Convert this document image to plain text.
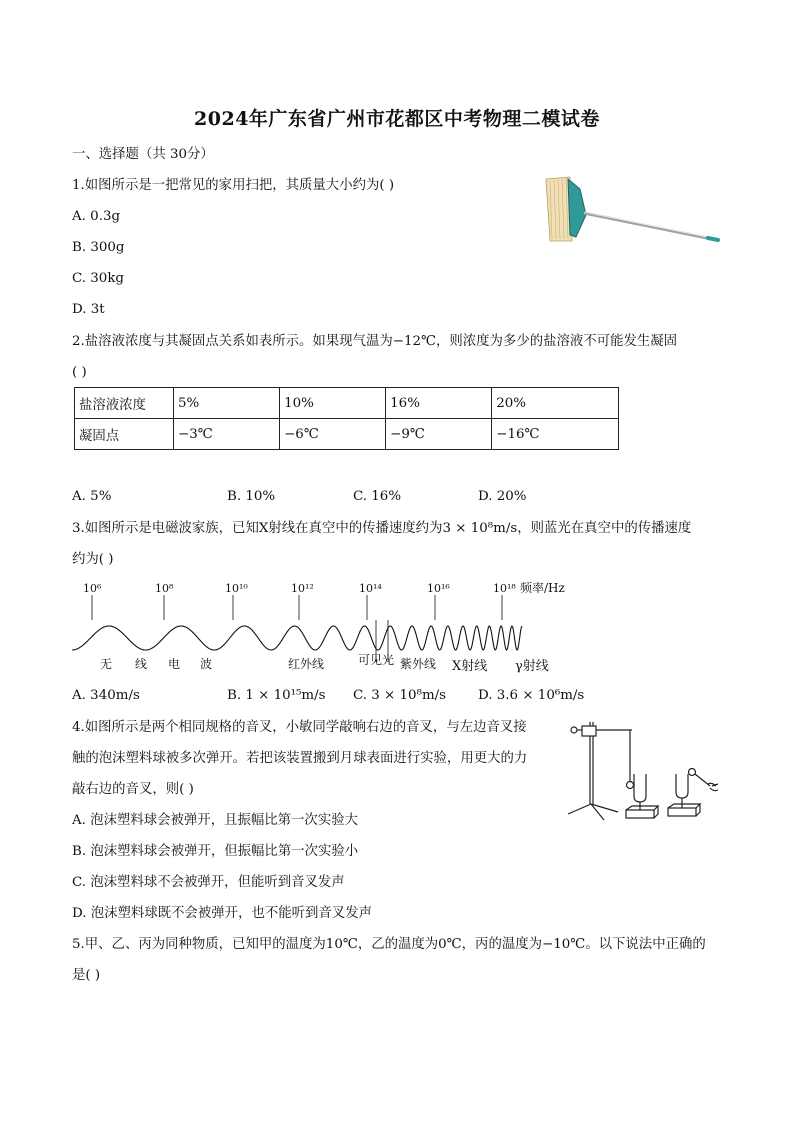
2024年广东省广州市花都区中考物理二模试卷
一、选择题（共 30分）
1.如图所示是一把常见的家用扫把，其质量大小约为( )
A. 0.3g
B. 300g
C. 30kg
D. 3t
2.盐溶液浓度与其凝固点关系如表所示。如果现气温为−12℃，则浓度为多少的盐溶液不可能发生凝固
( )
盐溶液浓度	5%	10%	16%	20%
凝固点	−3℃	−6℃	−9℃	−16℃
A. 5%	B. 10%	C. 16%	D. 20%
3.如图所示是电磁波家族，已知X射线在真空中的传播速度约为3 × 10⁸m/s，则蓝光在真空中的传播速度
约为( )
10⁶	10⁸	10¹⁰	10¹²	10¹⁴	10¹⁶	10¹⁸ 频率/Hz
无 线 电 波	红外线	可见光 紫外线 X射线 γ射线
A. 340m/s	B. 1 × 10¹⁵m/s C. 3 × 10⁸m/s D. 3.6 × 10⁶m/s
4.如图所示是两个相同规格的音叉，小敏同学敲响右边的音叉，与左边音叉接
触的泡沫塑料球被多次弹开。若把该装置搬到月球表面进行实验，用更大的力
敲右边的音叉，则( )
A. 泡沫塑料球会被弹开，且振幅比第一次实验大
B. 泡沫塑料球会被弹开，但振幅比第一次实验小
C. 泡沫塑料球不会被弹开，但能听到音叉发声
D. 泡沫塑料球既不会被弹开，也不能听到音叉发声
5.甲、乙、丙为同种物质，已知甲的温度为10℃，乙的温度为0℃，丙的温度为−10℃。以下说法中正确的
是( )
